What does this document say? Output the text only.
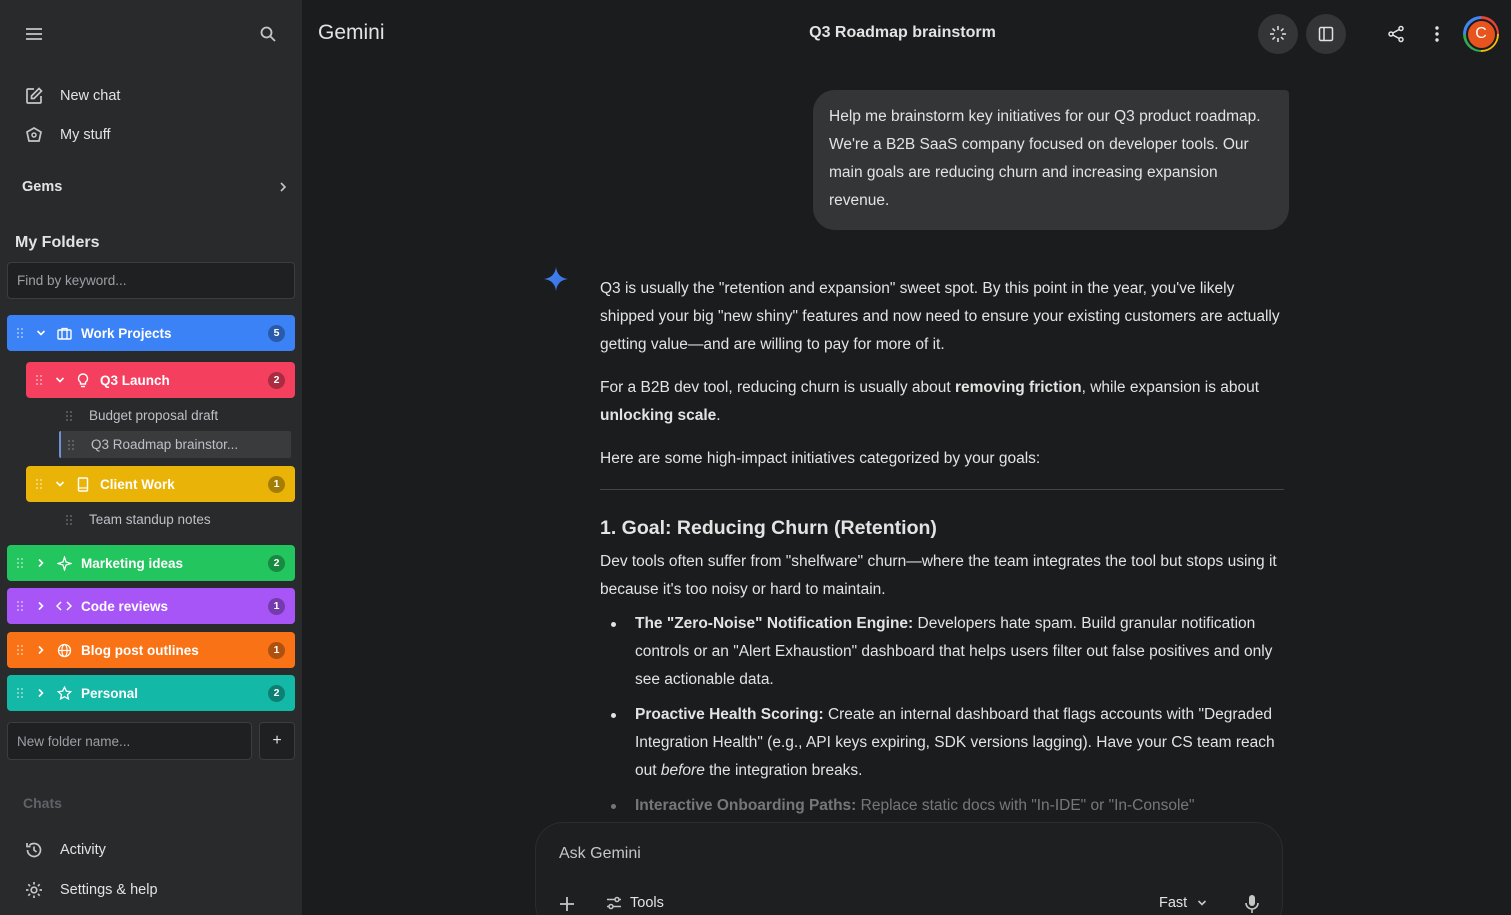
New chat
My stuff
Gems
My Folders
Find by keyword...
Work Projects	5
Q3 Launch	2
Budget proposal draft
Q3 Roadmap brainstor...
Client Work	1
Team standup notes
Marketing ideas	2
Code reviews	1
Blog post outlines	1
Personal	2
New folder name...
+
Chats
Activity
Settings & help
Gemini	Q3 Roadmap brainstorm	C
Help me brainstorm key initiatives for our Q3 product roadmap. We're a B2B SaaS company focused on developer tools. Our main goals are reducing churn and increasing expansion revenue.

Q3 is usually the "retention and expansion" sweet spot. By this point in the year, you've likely shipped your big "new shiny" features and now need to ensure your existing customers are actually getting value—and are willing to pay for more of it.

For a B2B dev tool, reducing churn is usually about removing friction, while expansion is about unlocking scale.

Here are some high-impact initiatives categorized by your goals:

1. Goal: Reducing Churn (Retention)

Dev tools often suffer from "shelfware" churn—where the team integrates the tool but stops using it because it's too noisy or hard to maintain.

The "Zero-Noise" Notification Engine: Developers hate spam. Build granular notification controls or an "Alert Exhaustion" dashboard that helps users filter out false positives and only see actionable data.
Proactive Health Scoring: Create an internal dashboard that flags accounts with "Degraded Integration Health" (e.g., API keys expiring, SDK versions lagging). Have your CS team reach out before the integration breaks.
Interactive Onboarding Paths: Replace static docs with "In-IDE" or "In-Console"
Ask Gemini
Tools	Fast
